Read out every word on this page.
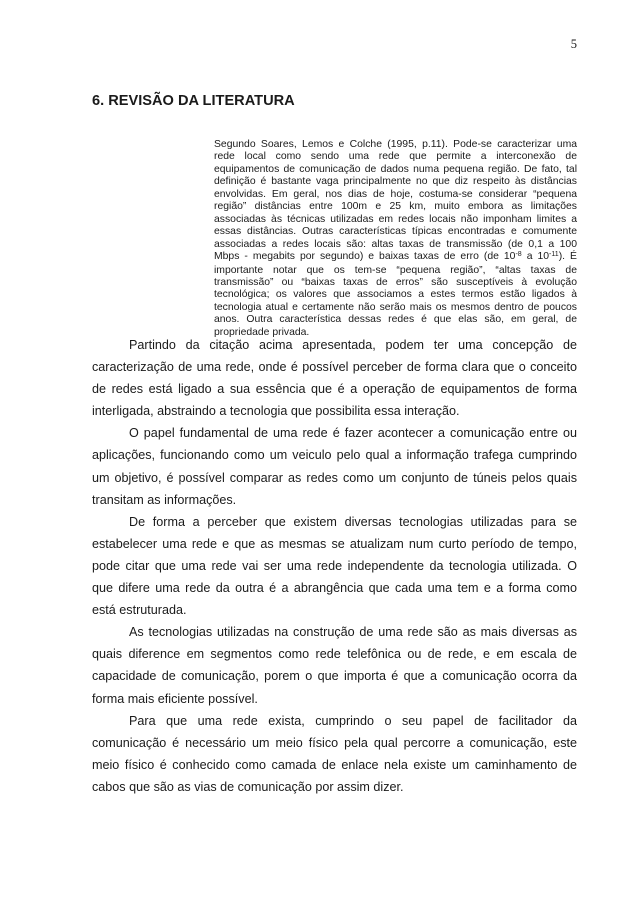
5
6. REVISÃO DA LITERATURA
Segundo Soares, Lemos e Colche (1995, p.11). Pode-se caracterizar uma
rede local como sendo uma rede que permite a interconexão de
equipamentos de comunicação de dados numa pequena região. De fato, tal
definição é bastante vaga principalmente no que diz respeito às distâncias
envolvidas. Em geral, nos dias de hoje, costuma-se considerar “pequena
região” distâncias entre 100m e 25 km, muito embora as limitações
associadas às técnicas utilizadas em redes locais não imponham limites a
essas distâncias. Outras características típicas encontradas e comumente
associadas a redes locais são: altas taxas de transmissão (de 0,1 a 100
Mbps - megabits por segundo) e baixas taxas de erro (de $10^{-8}$ a $10^{-11}$). É
importante notar que os tem-se “pequena região”, “altas taxas de
transmissão” ou “baixas taxas de erros” são susceptíveis à evolução
tecnológica; os valores que associamos a estes termos estão ligados à
tecnologia atual e certamente não serão mais os mesmos dentro de poucos
anos. Outra característica dessas redes é que elas são, em geral, de
propriedade privada.
Partindo da citação acima apresentada, podem ter uma concepção de
caracterização de uma rede, onde é possível perceber de forma clara que o conceito
de redes está ligado a sua essência que é a operação de equipamentos de forma
interligada, abstraindo a tecnologia que possibilita essa interação.
O papel fundamental de uma rede é fazer acontecer a comunicação entre ou
aplicações, funcionando como um veiculo pelo qual a informação trafega cumprindo
um objetivo, é possível comparar as redes como um conjunto de túneis pelos quais
transitam as informações.
De forma a perceber que existem diversas tecnologias utilizadas para se
estabelecer uma rede e que as mesmas se atualizam num curto período de tempo,
pode citar que uma rede vai ser uma rede independente da tecnologia utilizada. O
que difere uma rede da outra é a abrangência que cada uma tem e a forma como
está estruturada.
As tecnologias utilizadas na construção de uma rede são as mais diversas as
quais diference em segmentos como rede telefônica ou de rede, e em escala de
capacidade de comunicação, porem o que importa é que a comunicação ocorra da
forma mais eficiente possível.
Para que uma rede exista, cumprindo o seu papel de facilitador da
comunicação é necessário um meio físico pela qual percorre a comunicação, este
meio físico é conhecido como camada de enlace nela existe um caminhamento de
cabos que são as vias de comunicação por assim dizer.
